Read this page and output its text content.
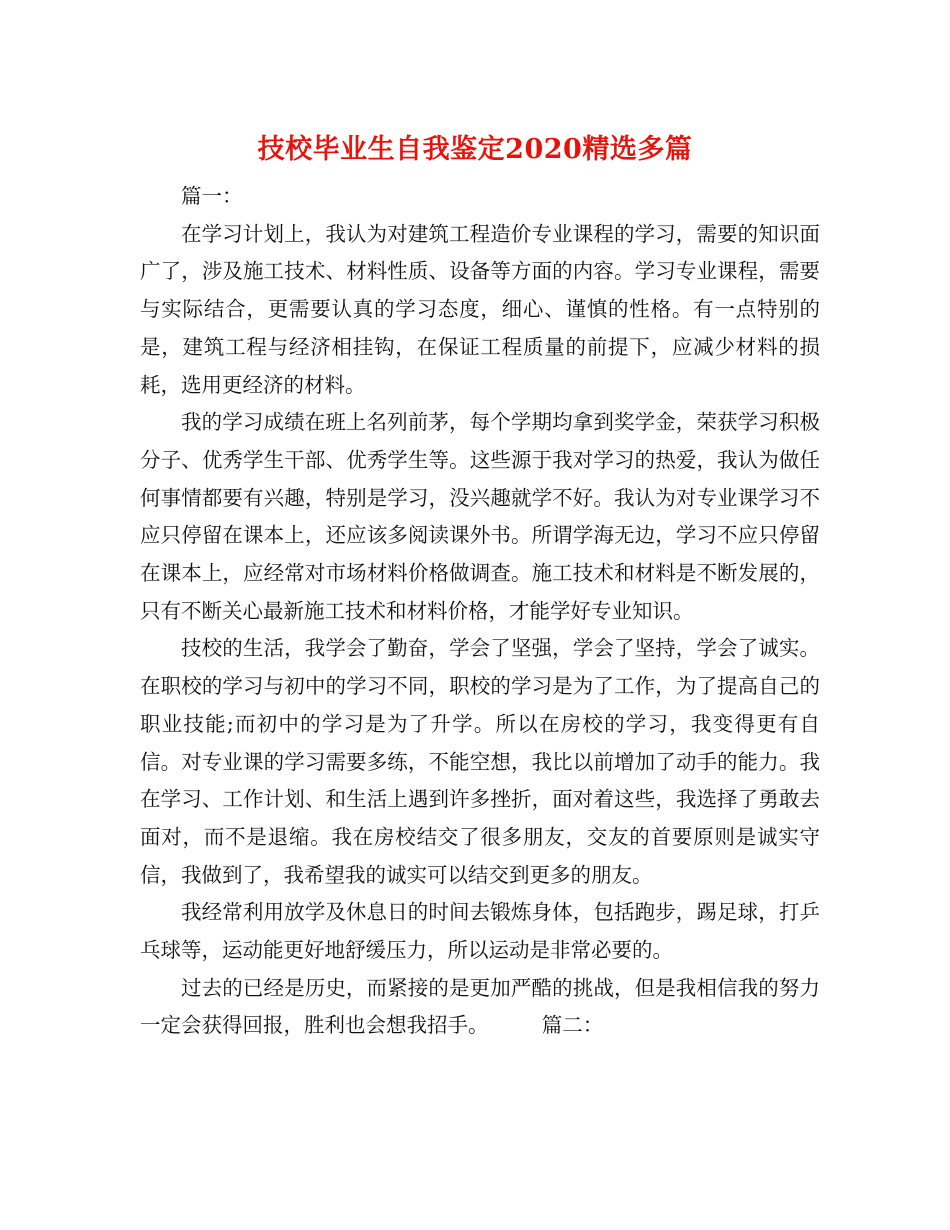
技校毕业生自我鉴定2020精选多篇

篇一：

在学习计划上，我认为对建筑工程造价专业课程的学习，需要的知识面广了，涉及施工技术、材料性质、设备等方面的内容。学习专业课程，需要与实际结合，更需要认真的学习态度，细心、谨慎的性格。有一点特别的是，建筑工程与经济相挂钩，在保证工程质量的前提下，应减少材料的损耗，选用更经济的材料。

我的学习成绩在班上名列前茅，每个学期均拿到奖学金，荣获学习积极分子、优秀学生干部、优秀学生等。这些源于我对学习的热爱，我认为做任何事情都要有兴趣，特别是学习，没兴趣就学不好。我认为对专业课学习不应只停留在课本上，还应该多阅读课外书。所谓学海无边，学习不应只停留在课本上，应经常对市场材料价格做调查。施工技术和材料是不断发展的，只有不断关心最新施工技术和材料价格，才能学好专业知识。

技校的生活，我学会了勤奋，学会了坚强，学会了坚持，学会了诚实。在职校的学习与初中的学习不同，职校的学习是为了工作，为了提高自己的职业技能;而初中的学习是为了升学。所以在房校的学习，我变得更有自信。对专业课的学习需要多练，不能空想，我比以前增加了动手的能力。我在学习、工作计划、和生活上遇到许多挫折，面对着这些，我选择了勇敢去面对，而不是退缩。我在房校结交了很多朋友，交友的首要原则是诚实守信，我做到了，我希望我的诚实可以结交到更多的朋友。

我经常利用放学及休息日的时间去锻炼身体，包括跑步，踢足球，打乒乓球等，运动能更好地舒缓压力，所以运动是非常必要的。

过去的已经是历史，而紧接的是更加严酷的挑战，但是我相信我的努力一定会获得回报，胜利也会想我招手。	篇二：
